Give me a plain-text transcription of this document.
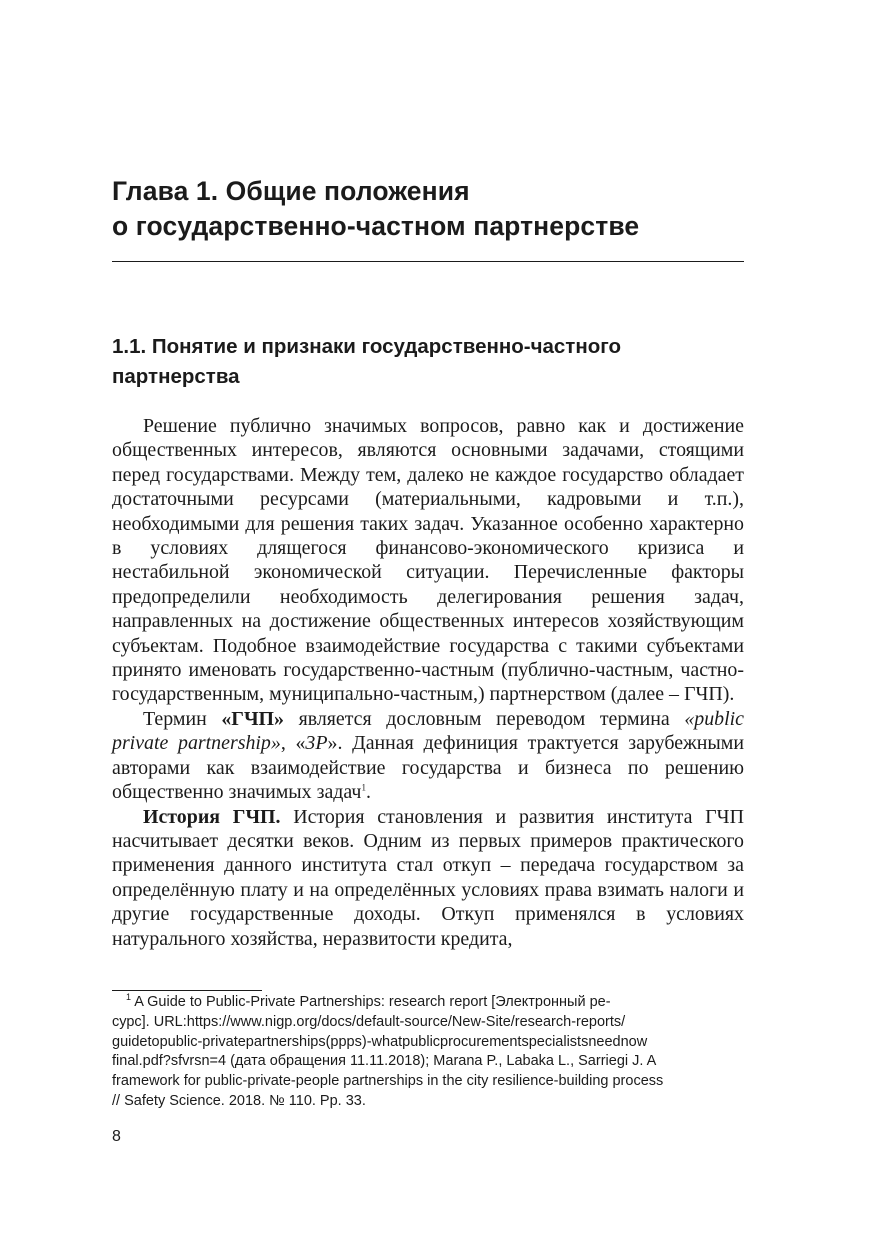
Глава 1. Общие положения
о государственно-частном партнерстве
1.1. Понятие и признаки государственно-частного
партнерства

Решение публично значимых вопросов, равно как и достижение общественных интересов, являются основными задачами, стоящими перед государствами. Между тем, далеко не каждое государство обладает достаточными ресурсами (материальными, кадровыми и т.п.), необходимыми для решения таких задач. Указанное особенно характерно в условиях длящегося финансово-экономического кризиса и нестабильной экономической ситуации. Перечисленные факторы предопределили необходимость делегирования решения задач, направленных на достижение общественных интересов хозяйствующим субъектам. Подобное взаимодействие государства с такими субъектами принято именовать государственно-частным (публично-частным, частно-государственным, муниципально-частным,) партнерством (далее – ГЧП).

Термин «ГЧП» является дословным переводом термина «public private partnership», «3P». Данная дефиниция трактуется зарубежными авторами как взаимодействие государства и бизнеса по решению общественно значимых задач$^1$.

История ГЧП. История становления и развития института ГЧП насчитывает десятки веков. Одним из первых примеров практического применения данного института стал откуп – передача государством за определённую плату и на определённых условиях права взимать налоги и другие государственные доходы. Откуп применялся в условиях натурального хозяйства, неразвитости кредита,

$^1$ A Guide to Public-Private Partnerships: research report [Электронный ре-
сурс]. URL:https://www.nigp.org/docs/default-source/New-Site/research-reports/
guidetopublic-privatepartnerships(ppps)-whatpublicprocurementspecialistsneednow
final.pdf?sfvrsn=4 (дата обращения 11.11.2018); Marana P., Labaka L., Sarriegi J. A
framework for public-private-people partnerships in the city resilience-building process
// Safety Science. 2018. № 110. Pp. 33.

8
